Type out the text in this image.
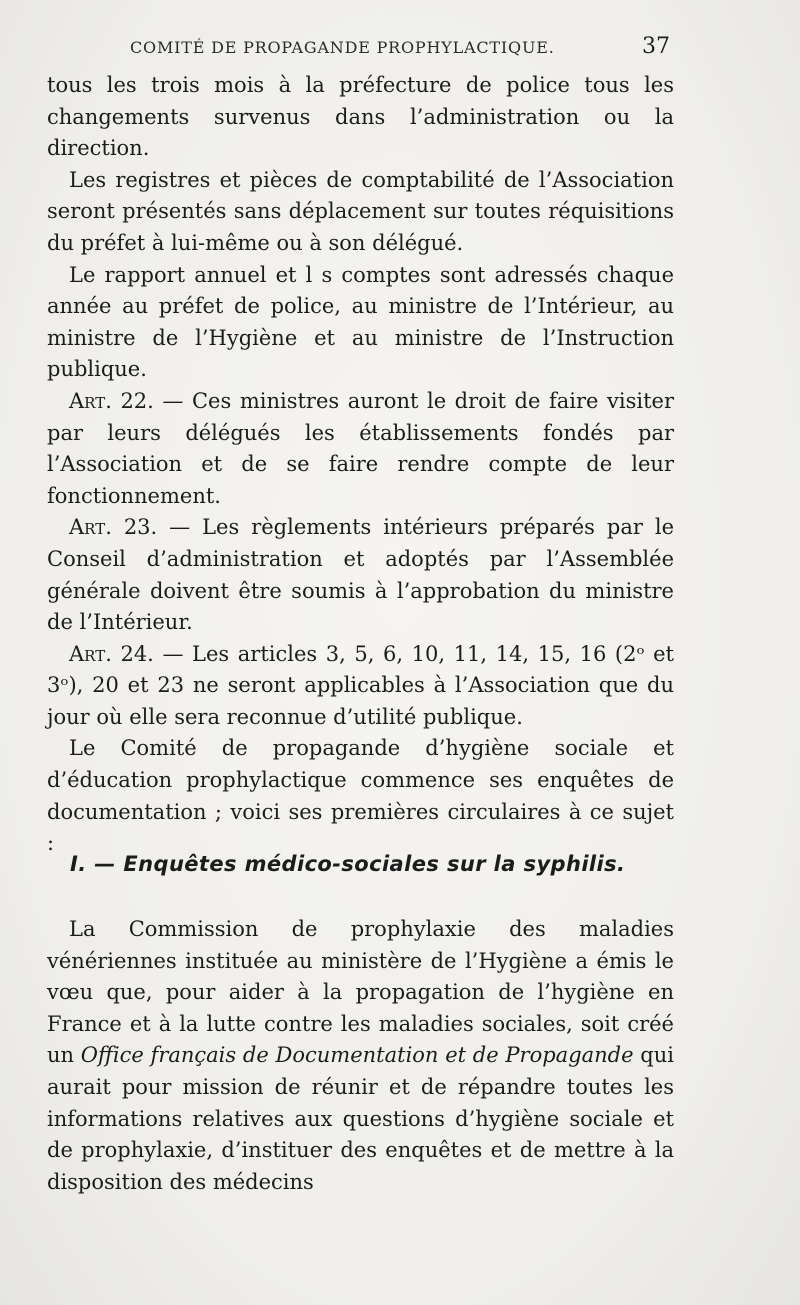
COMITÉ DE PROPAGANDE PROPHYLACTIQUE.	37

tous les trois mois à la préfecture de police tous les changements survenus dans l’administration ou la direction.

Les registres et pièces de comptabilité de l’Association seront présentés sans déplacement sur toutes réquisitions du préfet à lui-même ou à son délégué.

Le rapport annuel et l s comptes sont adressés chaque année au préfet de police, au ministre de l’Intérieur, au ministre de l’Hygiène et au ministre de l’Instruction publique.

Art. 22. — Ces ministres auront le droit de faire visiter par leurs délégués les établissements fondés par l’Association et de se faire rendre compte de leur fonctionnement.

Art. 23. — Les règlements intérieurs préparés par le Conseil d’administration et adoptés par l’Assemblée générale doivent être soumis à l’approbation du ministre de l’Intérieur.

Art. 24. — Les articles 3, 5, 6, 10, 11, 14, 15, 16 (2ᵒ et 3ᵒ), 20 et 23 ne seront applicables à l’Association que du jour où elle sera reconnue d’utilité publique.

Le Comité de propagande d’hygiène sociale et d’éducation prophylactique commence ses enquêtes de documentation ; voici ses premières circulaires à ce sujet :

I. — Enquêtes médico-sociales sur la syphilis.

La Commission de prophylaxie des maladies vénériennes instituée au ministère de l’Hygiène a émis le vœu que, pour aider à la propagation de l’hygiène en France et à la lutte contre les maladies sociales, soit créé un Office français de Documentation et de Propagande qui aurait pour mission de réunir et de répandre toutes les informations relatives aux questions d’hygiène sociale et de prophylaxie, d’instituer des enquêtes et de mettre à la disposition des médecins
